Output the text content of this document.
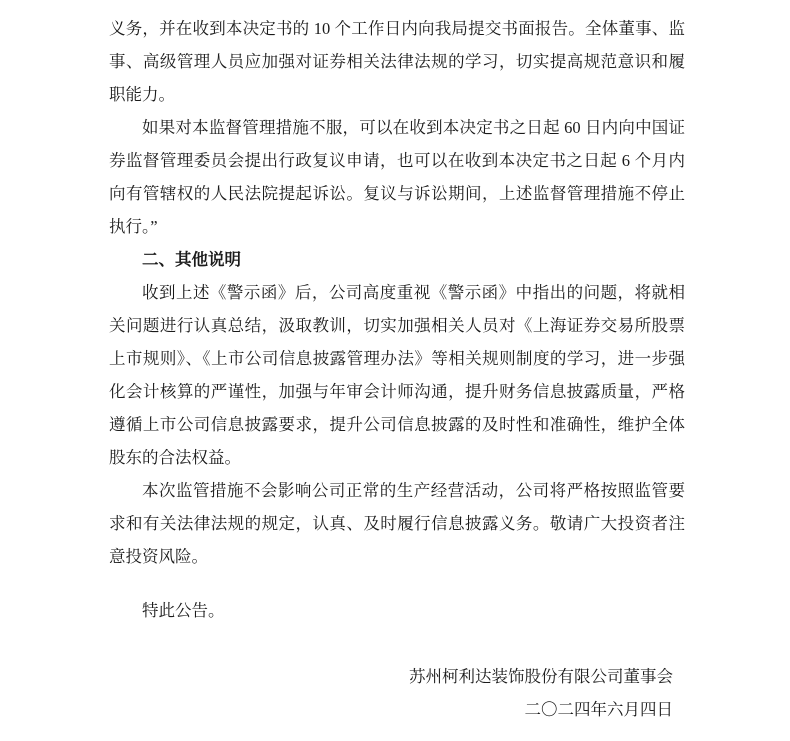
义务，并在收到本决定书的 10 个工作日内向我局提交书面报告。全体董事、监事、高级管理人员应加强对证券相关法律法规的学习，切实提高规范意识和履职能力。

如果对本监督管理措施不服，可以在收到本决定书之日起 60 日内向中国证券监督管理委员会提出行政复议申请，也可以在收到本决定书之日起 6 个月内向有管辖权的人民法院提起诉讼。复议与诉讼期间，上述监督管理措施不停止执行。”

二、其他说明

收到上述《警示函》后，公司高度重视《警示函》中指出的问题，将就相关问题进行认真总结，汲取教训，切实加强相关人员对《上海证券交易所股票上市规则》、《上市公司信息披露管理办法》等相关规则制度的学习，进一步强化会计核算的严谨性，加强与年审会计师沟通，提升财务信息披露质量，严格遵循上市公司信息披露要求，提升公司信息披露的及时性和准确性，维护全体股东的合法权益。

本次监管措施不会影响公司正常的生产经营活动，公司将严格按照监管要求和有关法律法规的规定，认真、及时履行信息披露义务。敬请广大投资者注意投资风险。

特此公告。

苏州柯利达装饰股份有限公司董事会

二〇二四年六月四日
